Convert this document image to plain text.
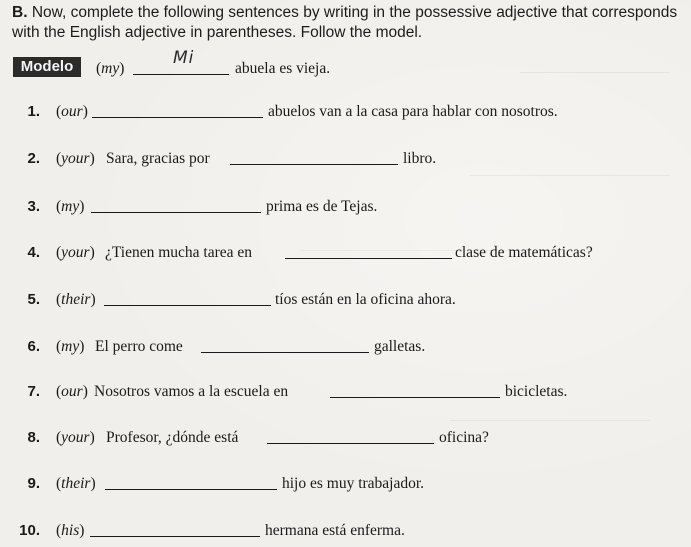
B. Now, complete the following sentences by writing in the possessive adjective that corresponds with the English adjective in parentheses. Follow the model.
Modelo	(my)	abuela es vieja.
Mi
1. (our)	abuelos van a la casa para hablar con nosotros.
2. (your) Sara, gracias por	libro.
3. (my)	prima es de Tejas.
4. (your) ¿Tienen mucha tarea en	clase de matemáticas?
5. (their)	tíos están en la oficina ahora.
6. (my) El perro come	galletas.
7. (our) Nosotros vamos a la escuela en	bicicletas.
8. (your) Profesor, ¿dónde está	oficina?
9. (their)	hijo es muy trabajador.
10. (his)	hermana está enferma.
